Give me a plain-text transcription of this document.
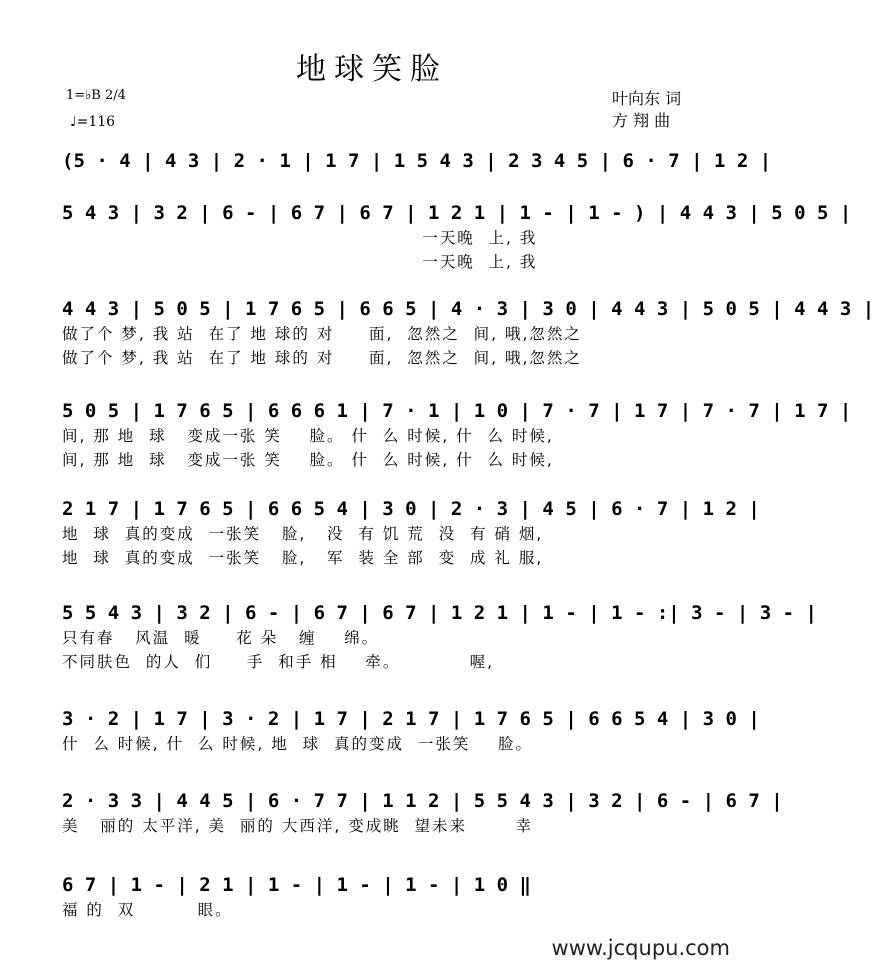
地球笑脸
1=♭B 2/4
♩=116
叶向东 词
方 翔 曲
(5 · 4 | 4 3 | 2 · 1 | 1 7 | 1 5 4 3 | 2 3 4 5 | 6 · 7 | 1 2 |
5 4 3 | 3 2 | 6 - | 6 7 | 6 7 | 1 2 1 | 1 - | 1 - ) | 4 4 3 | 5 0 5 |
一天晚  上, 我
一天晚  上, 我
4 4 3 | 5 0 5 | 1 7 6 5 | 6 6 5 | 4 · 3 | 3 0 | 4 4 3 | 5 0 5 | 4 4 3 |
做了个 梦, 我 站  在了 地 球的 对     面,  忽然之  间, 哦,忽然之
做了个 梦, 我 站  在了 地 球的 对     面,  忽然之  间, 哦,忽然之
5 0 5 | 1 7 6 5 | 6 6 6 1 | 7 · 1 | 1 0 | 7 · 7 | 1 7 | 7 · 7 | 1 7 |
间, 那 地  球   变成一张 笑    脸。 什  么 时候, 什  么 时候,
间, 那 地  球   变成一张 笑    脸。 什  么 时候, 什  么 时候,
2 1 7 | 1 7 6 5 | 6 6 5 4 | 3 0 | 2 · 3 | 4 5 | 6 · 7 | 1 2 |
地  球  真的变成  一张笑   脸,   没  有 饥 荒  没  有 硝 烟,
地  球  真的变成  一张笑   脸,   军  装 全 部  变  成 礼 服,
5 5 4 3 | 3 2 | 6 - | 6 7 | 6 7 | 1 2 1 | 1 - | 1 - :| 3 - | 3 - |
只有春   风温  暖     花 朵   缠    绵。
不同肤色  的人  们     手  和手 相    牵。          喔,
3 · 2 | 1 7 | 3 · 2 | 1 7 | 2 1 7 | 1 7 6 5 | 6 6 5 4 | 3 0 |
什  么 时候, 什  么 时候, 地  球  真的变成  一张笑    脸。
2 · 3 3 | 4 4 5 | 6 · 7 7 | 1 1 2 | 5 5 4 3 | 3 2 | 6 - | 6 7 |
美   丽的 太平洋, 美  丽的 大西洋, 变成眺  望未来       幸
6 7 | 1 - | 2 1 | 1 - | 1 - | 1 - | 1 0 ‖
福 的  双         眼。
www.jcqupu.com
